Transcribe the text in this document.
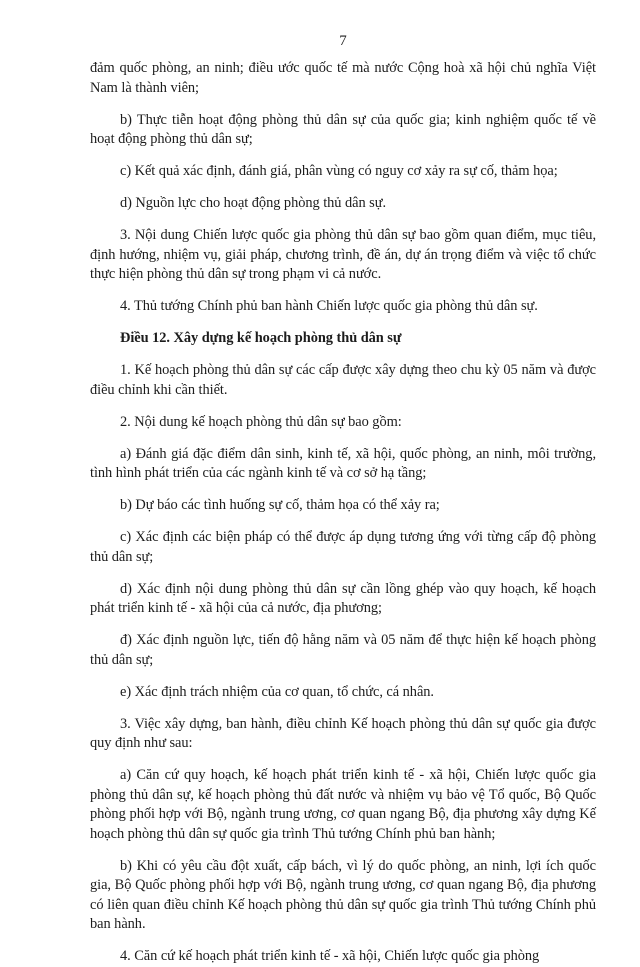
7

đảm quốc phòng, an ninh; điều ước quốc tế mà nước Cộng hoà xã hội chủ nghĩa Việt Nam là thành viên;

b) Thực tiễn hoạt động phòng thủ dân sự của quốc gia; kinh nghiệm quốc tế về hoạt động phòng thủ dân sự;

c) Kết quả xác định, đánh giá, phân vùng có nguy cơ xảy ra sự cố, thảm họa;

d) Nguồn lực cho hoạt động phòng thủ dân sự.

3. Nội dung Chiến lược quốc gia phòng thủ dân sự bao gồm quan điểm, mục tiêu, định hướng, nhiệm vụ, giải pháp, chương trình, đề án, dự án trọng điểm và việc tổ chức thực hiện phòng thủ dân sự trong phạm vi cả nước.

4. Thủ tướng Chính phủ ban hành Chiến lược quốc gia phòng thủ dân sự.

Điều 12. Xây dựng kế hoạch phòng thủ dân sự

1. Kế hoạch phòng thủ dân sự các cấp được xây dựng theo chu kỳ 05 năm và được điều chỉnh khi cần thiết.

2. Nội dung kế hoạch phòng thủ dân sự bao gồm:

a) Đánh giá đặc điểm dân sinh, kinh tế, xã hội, quốc phòng, an ninh, môi trường, tình hình phát triển của các ngành kinh tế và cơ sở hạ tầng;

b) Dự báo các tình huống sự cố, thảm họa có thể xảy ra;

c) Xác định các biện pháp có thể được áp dụng tương ứng với từng cấp độ phòng thủ dân sự;

d) Xác định nội dung phòng thủ dân sự cần lồng ghép vào quy hoạch, kế hoạch phát triển kinh tế - xã hội của cả nước, địa phương;

đ) Xác định nguồn lực, tiến độ hằng năm và 05 năm để thực hiện kế hoạch phòng thủ dân sự;

e) Xác định trách nhiệm của cơ quan, tổ chức, cá nhân.

3. Việc xây dựng, ban hành, điều chỉnh Kế hoạch phòng thủ dân sự quốc gia được quy định như sau:

a) Căn cứ quy hoạch, kế hoạch phát triển kinh tế - xã hội, Chiến lược quốc gia phòng thủ dân sự, kế hoạch phòng thủ đất nước và nhiệm vụ bảo vệ Tổ quốc, Bộ Quốc phòng phối hợp với Bộ, ngành trung ương, cơ quan ngang Bộ, địa phương xây dựng Kế hoạch phòng thủ dân sự quốc gia trình Thủ tướng Chính phủ ban hành;

b) Khi có yêu cầu đột xuất, cấp bách, vì lý do quốc phòng, an ninh, lợi ích quốc gia, Bộ Quốc phòng phối hợp với Bộ, ngành trung ương, cơ quan ngang Bộ, địa phương có liên quan điều chỉnh Kế hoạch phòng thủ dân sự quốc gia trình Thủ tướng Chính phủ ban hành.

4. Căn cứ kế hoạch phát triển kinh tế - xã hội, Chiến lược quốc gia phòng
